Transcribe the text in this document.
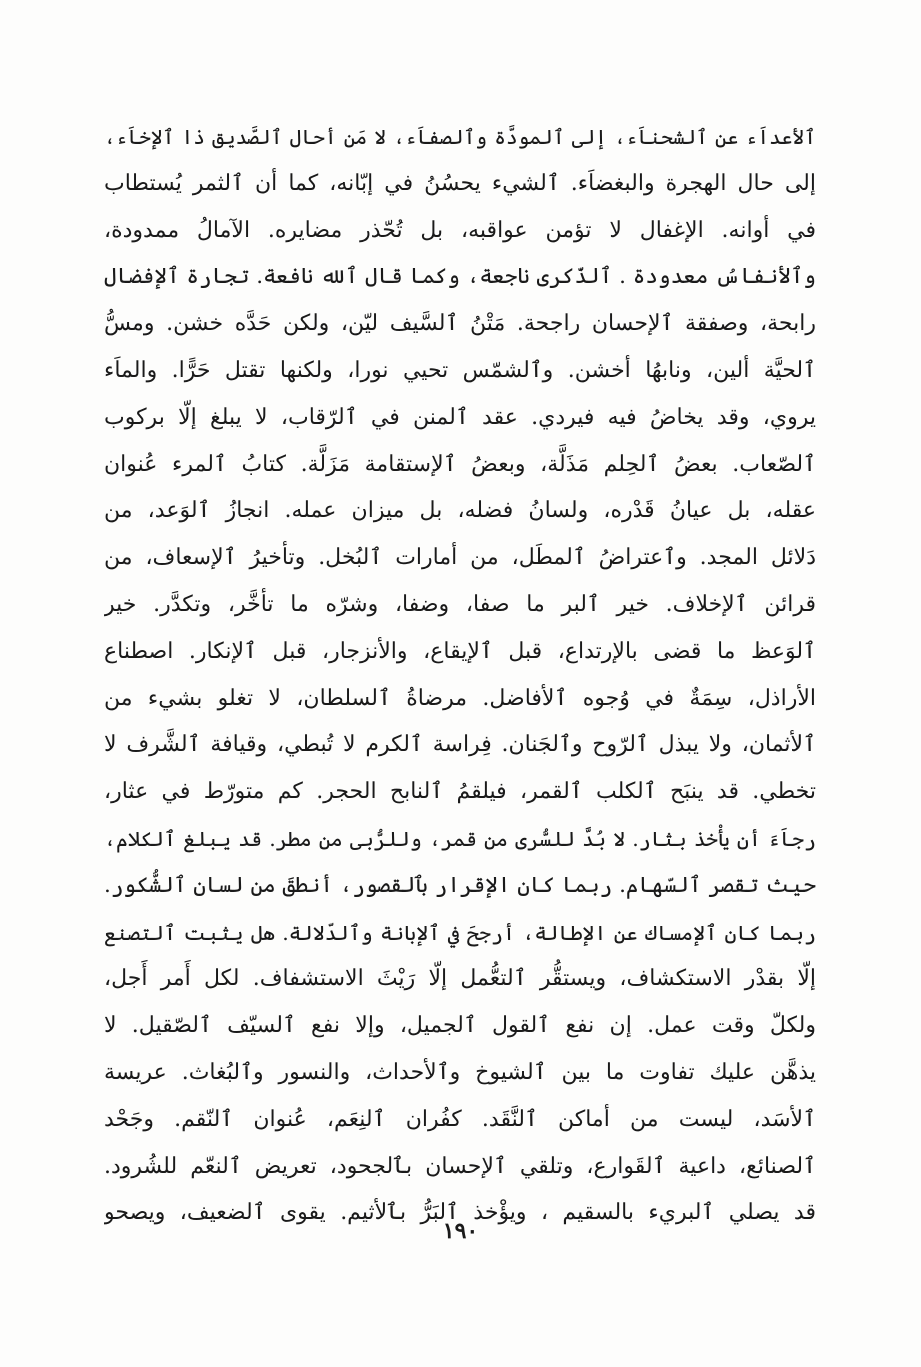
ٱلأعداَء عن ٱلشحناَء، إلى ٱلمودَّة وٱلصفاَء، لا مَن أحال ٱلصَّديق ذا ٱلإخاَء،
إلى حال الهجرة والبغضاَء. ٱلشيء يحسُنُ في إبّانه، كما أن ٱلثمر يُستطاب
في أوانه. الإغفال لا تؤمن عواقبه، بل تُحّذر مضايره. الآمالُ ممدودة،
وٱلأنفاسُ معدودة . ٱلذّكرى ناجعة، وكما قال ٱلله نافعة. تجارة ٱلإفضال
رابحة، وصفقة ٱلإحسان راجحة. مَتْنُ ٱلسَّيف ليّن، ولكن حَدَّه خشن. ومسُّ
ٱلحيَّة ألين، ونابهُا أخشن. وٱلشمّس تحيي نورا، ولكنها تقتل حَرًّا. والماَء
يروي، وقد يخاضُ فيه فيردي. عقد ٱلمنن في ٱلرّقاب، لا يبلغ إلّا بركوب
ٱلصّعاب. بعضُ ٱلحِلم مَذَلَّة، وبعضُ ٱلإستقامة مَزَلَّة. كتابُ ٱلمرء عُنوان
عقله، بل عيانُ قَدْره، ولسانُ فضله، بل ميزان عمله. انجازُ ٱلوَعد، من
دَلائل المجد. وٱعتراضُ ٱلمطَل، من أمارات ٱلبُخل. وتأخيرُ ٱلإسعاف، من
قرائن ٱلإخلاف. خير ٱلبر ما صفا، وضفا، وشرّه ما تأخَّر، وتكدَّر. خير
ٱلوَعظ ما قضى بالإرتداع، قبل ٱلإيقاع، والأنزجار، قبل ٱلإنكار. اصطناع
الأراذل، سِمَةٌ في وُجوه ٱلأفاضل. مرضاةُ ٱلسلطان، لا تغلو بشيء من
ٱلأثمان، ولا يبذل ٱلرّوح وٱلجَنان. فِراسة ٱلكرم لا تُبطي، وقيافة ٱلشَّرف لا
تخطي. قد ينبَح ٱلكلب ٱلقمر، فيلقمُ ٱلنابح الحجر. كم متورّط في عثار،
رجاَءَ أن يأْخذ بثار. لا بُدَّ للسُّرى من قمر، وللرُّبى من مطر. قد يبلغ ٱلكلام،
حيث تقصر ٱلسّهام. ربما كان الإقرار بٱلقصور، أنطقَ من لسان ٱلشُّكور.
ربما كان ٱلإمساك عن الإطالة، أرجحَ في ٱلإبانة وٱلدّلالة. هل يثبت ٱلتصنع
إلّا بقدْر الاستكشاف، ويستقُّر ٱلتعُّمل إلّا رَيْثَ الاستشفاف. لكل أَمر أَجل،
ولكلّ وقت عمل. إن نفع ٱلقول ٱلجميل، وإلا نفع ٱلسيّف ٱلصّقيل. لا
يذهَّن عليك تفاوت ما بين ٱلشيوخ وٱلأحداث، والنسور وٱلبُغاث. عريسة
ٱلأسَد، ليست من أماكن ٱلنَّقَد. كفُران ٱلنِعَم، عُنوان ٱلنّقم. وجَحْد
ٱلصنائع، داعية ٱلقَوارع، وتلقي ٱلإحسان بٱلجحود، تعريض ٱلنعّم للشُرود.
قد يصلي ٱلبريء بالسقيم ، ويؤْخذ ٱلبَرُّ بٱلأثيم. يقوى ٱلضعيف، ويصحو
١٩٠
